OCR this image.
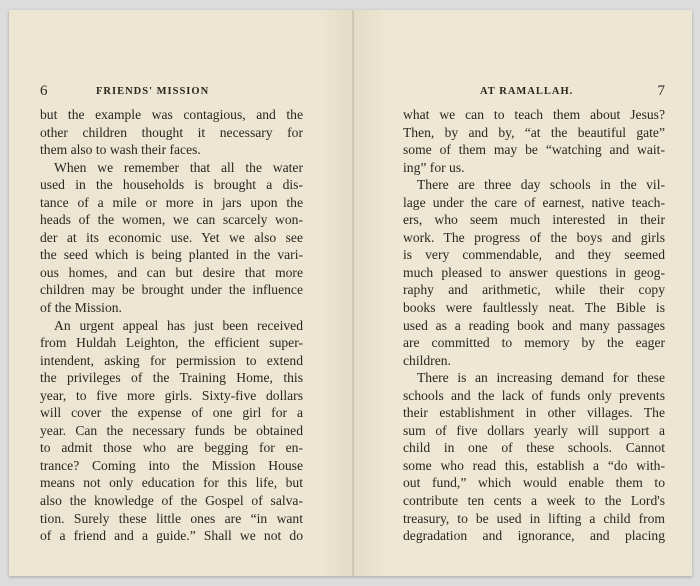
6	FRIENDS' MISSION
but the example was contagious, and the
other children thought it necessary for
them also to wash their faces.
When we remember that all the water
used in the households is brought a dis-
tance of a mile or more in jars upon the
heads of the women, we can scarcely won-
der at its economic use. Yet we also see
the seed which is being planted in the vari-
ous homes, and can but desire that more
children may be brought under the influence
of the Mission.
An urgent appeal has just been received
from Huldah Leighton, the efficient super-
intendent, asking for permission to extend
the privileges of the Training Home, this
year, to five more girls. Sixty-five dollars
will cover the expense of one girl for a
year. Can the necessary funds be obtained
to admit those who are begging for en-
trance? Coming into the Mission House
means not only education for this life, but
also the knowledge of the Gospel of salva-
tion. Surely these little ones are “in want
of a friend and a guide.” Shall we not do
AT RAMALLAH.	7
what we can to teach them about Jesus?
Then, by and by, “at the beautiful gate”
some of them may be “watching and wait-
ing” for us.
There are three day schools in the vil-
lage under the care of earnest, native teach-
ers, who seem much interested in their
work. The progress of the boys and girls
is very commendable, and they seemed
much pleased to answer questions in geog-
raphy and arithmetic, while their copy
books were faultlessly neat. The Bible is
used as a reading book and many passages
are committed to memory by the eager
children.
There is an increasing demand for these
schools and the lack of funds only prevents
their establishment in other villages. The
sum of five dollars yearly will support a
child in one of these schools. Cannot
some who read this, establish a “do with-
out fund,” which would enable them to
contribute ten cents a week to the Lord's
treasury, to be used in lifting a child from
degradation and ignorance, and placing
